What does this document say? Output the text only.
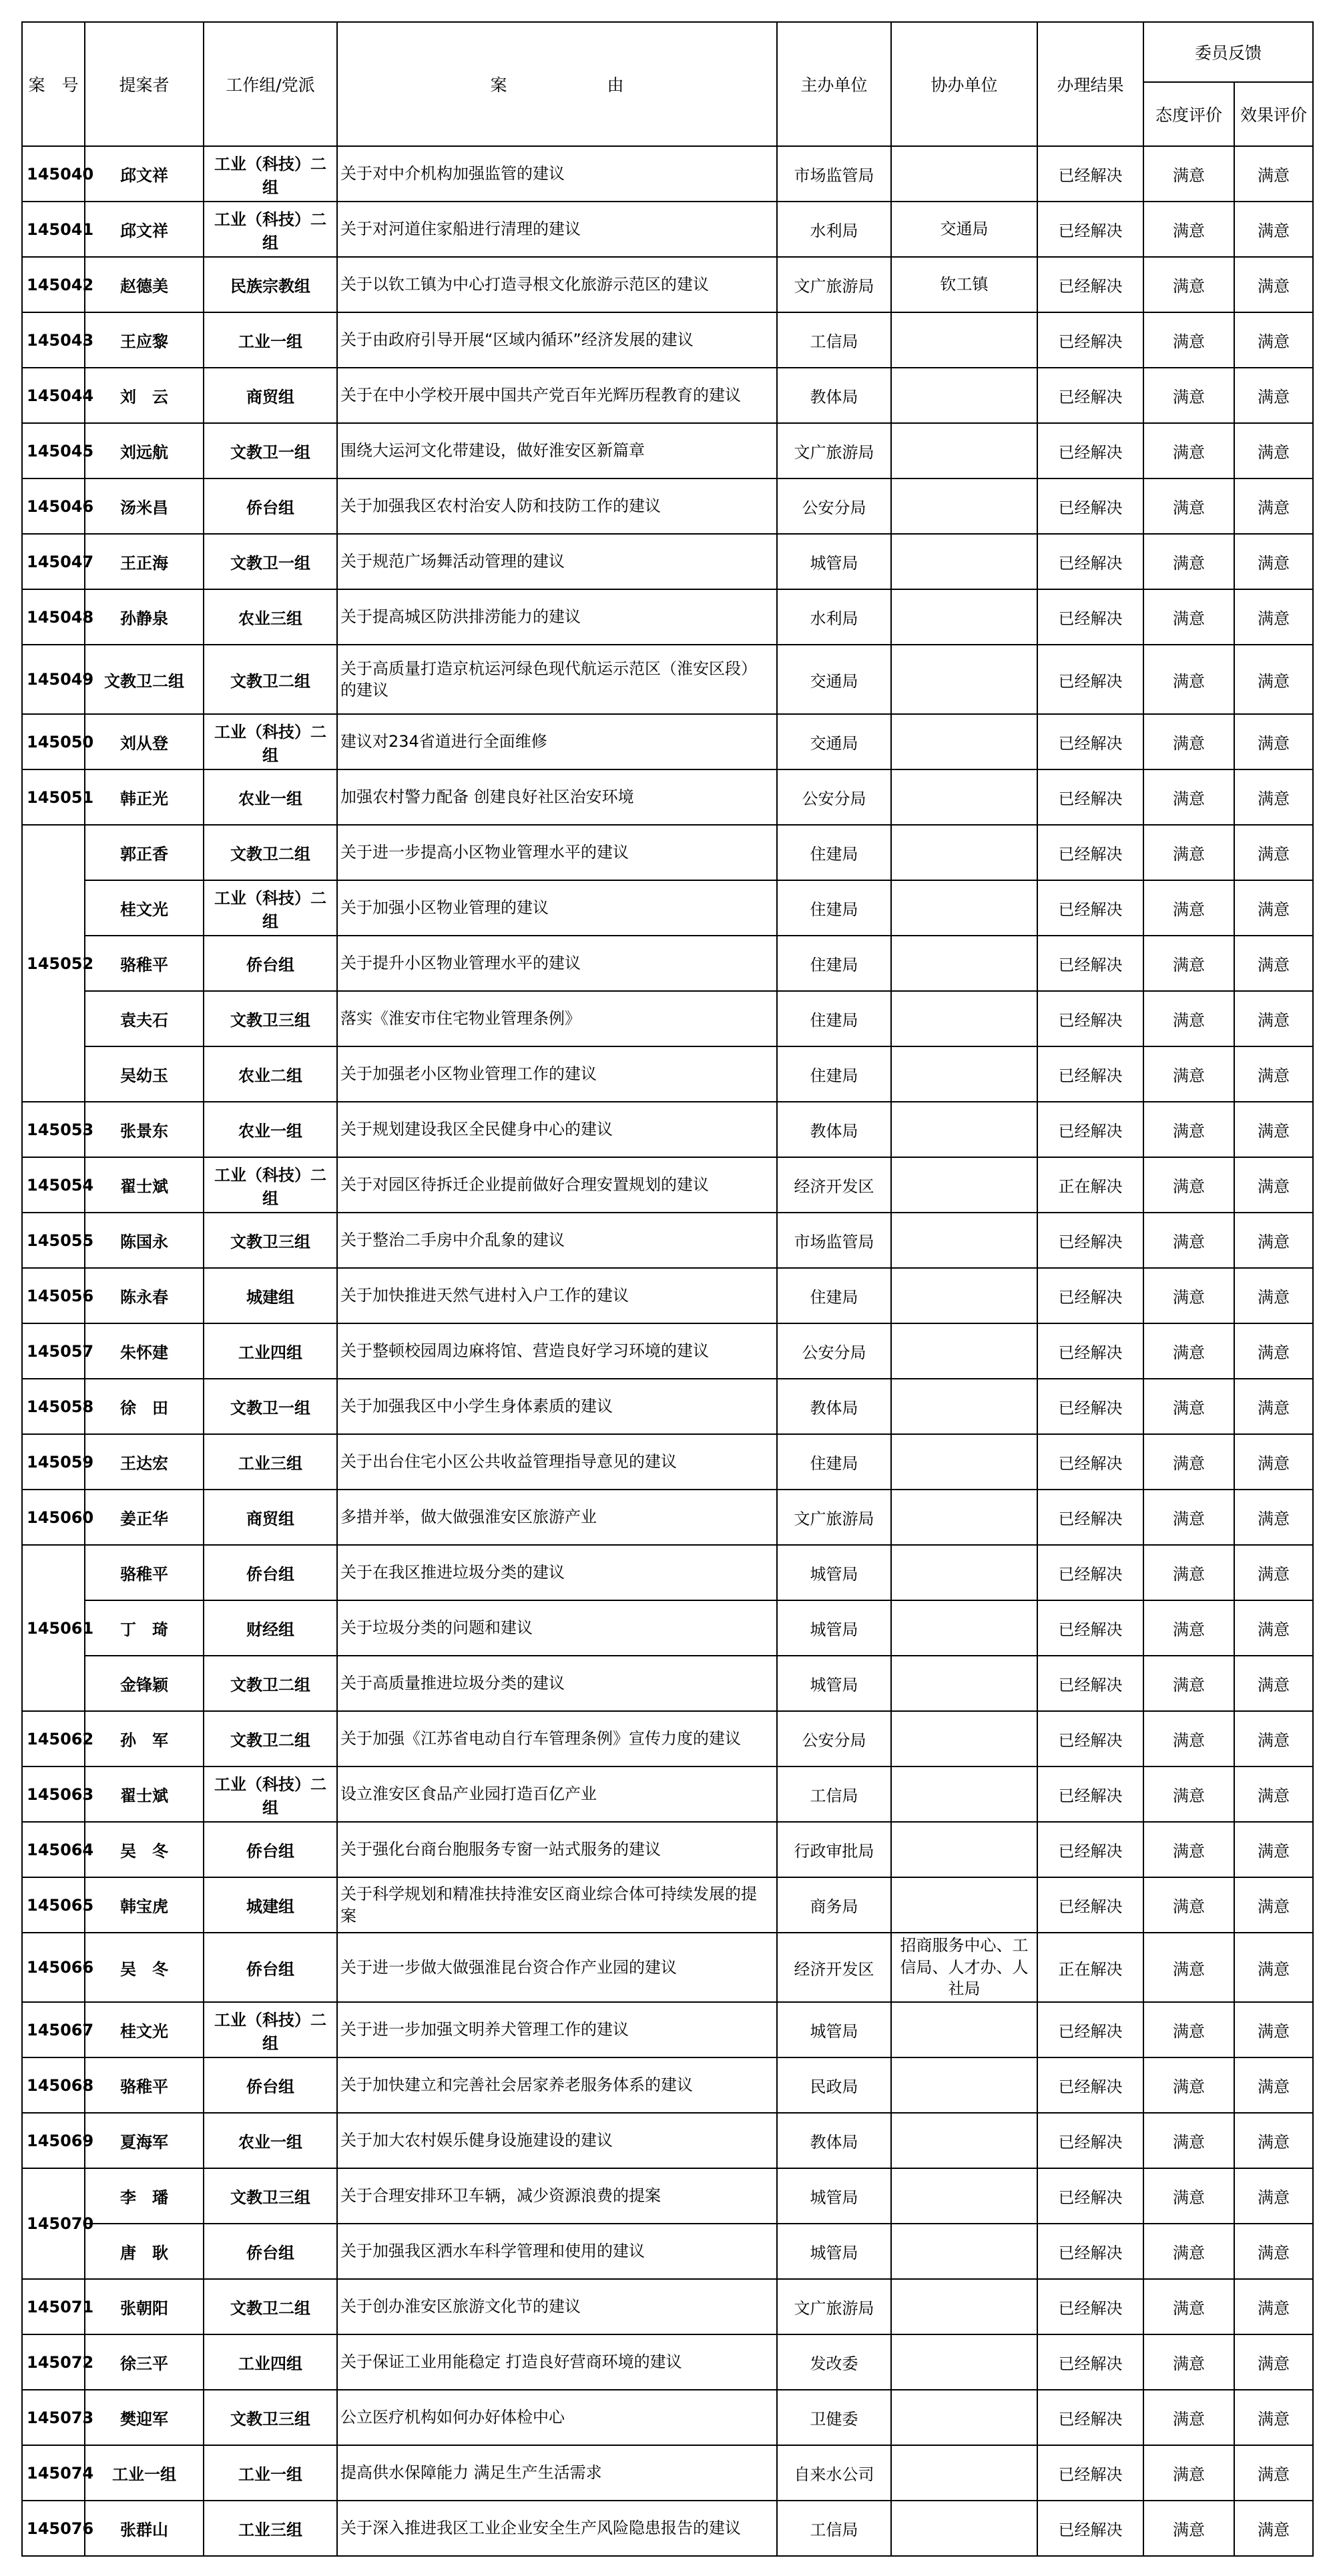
案　号	提案者	工作组/党派	案　　　　　　由	主办单位	协办单位	办理结果	委员反馈	
							态度评价	效果评价
145040	邱文祥	工业（科技）二组	关于对中介机构加强监管的建议	市场监管局		已经解决	满意	满意
145041	邱文祥	工业（科技）二组	关于对河道住家船进行清理的建议	水利局	交通局	已经解决	满意	满意
145042	赵德美	民族宗教组	关于以钦工镇为中心打造寻根文化旅游示范区的建议	文广旅游局	钦工镇	已经解决	满意	满意
145043	王应黎	工业一组	关于由政府引导开展“区域内循环”经济发展的建议	工信局		已经解决	满意	满意
145044	刘　云	商贸组	关于在中小学校开展中国共产党百年光辉历程教育的建议	教体局		已经解决	满意	满意
145045	刘远航	文教卫一组	围绕大运河文化带建设，做好淮安区新篇章	文广旅游局		已经解决	满意	满意
145046	汤米昌	侨台组	关于加强我区农村治安人防和技防工作的建议	公安分局		已经解决	满意	满意
145047	王正海	文教卫一组	关于规范广场舞活动管理的建议	城管局		已经解决	满意	满意
145048	孙静泉	农业三组	关于提高城区防洪排涝能力的建议	水利局		已经解决	满意	满意
145049	文教卫二组	文教卫二组	关于高质量打造京杭运河绿色现代航运示范区（淮安区段）的建议	交通局		已经解决	满意	满意
145050	刘从登	工业（科技）二组	建议对234省道进行全面维修	交通局		已经解决	满意	满意
145051	韩正光	农业一组	加强农村警力配备 创建良好社区治安环境	公安分局		已经解决	满意	满意
145052	郭正香	文教卫二组	关于进一步提高小区物业管理水平的建议	住建局		已经解决	满意	满意
	桂文光	工业（科技）二组	关于加强小区物业管理的建议	住建局		已经解决	满意	满意
	骆稚平	侨台组	关于提升小区物业管理水平的建议	住建局		已经解决	满意	满意
	袁夫石	文教卫三组	落实《淮安市住宅物业管理条例》	住建局		已经解决	满意	满意
	吴幼玉	农业二组	关于加强老小区物业管理工作的建议	住建局		已经解决	满意	满意
145053	张景东	农业一组	关于规划建设我区全民健身中心的建议	教体局		已经解决	满意	满意
145054	翟士斌	工业（科技）二组	关于对园区待拆迁企业提前做好合理安置规划的建议	经济开发区		正在解决	满意	满意
145055	陈国永	文教卫三组	关于整治二手房中介乱象的建议	市场监管局		已经解决	满意	满意
145056	陈永春	城建组	关于加快推进天然气进村入户工作的建议	住建局		已经解决	满意	满意
145057	朱怀建	工业四组	关于整顿校园周边麻将馆、营造良好学习环境的建议	公安分局		已经解决	满意	满意
145058	徐　田	文教卫一组	关于加强我区中小学生身体素质的建议	教体局		已经解决	满意	满意
145059	王达宏	工业三组	关于出台住宅小区公共收益管理指导意见的建议	住建局		已经解决	满意	满意
145060	姜正华	商贸组	多措并举，做大做强淮安区旅游产业	文广旅游局		已经解决	满意	满意
145061	骆稚平	侨台组	关于在我区推进垃圾分类的建议	城管局		已经解决	满意	满意
	丁　琦	财经组	关于垃圾分类的问题和建议	城管局		已经解决	满意	满意
	金锋颖	文教卫二组	关于高质量推进垃圾分类的建议	城管局		已经解决	满意	满意
145062	孙　军	文教卫二组	关于加强《江苏省电动自行车管理条例》宣传力度的建议	公安分局		已经解决	满意	满意
145063	翟士斌	工业（科技）二组	设立淮安区食品产业园打造百亿产业	工信局		已经解决	满意	满意
145064	吴　冬	侨台组	关于强化台商台胞服务专窗一站式服务的建议	行政审批局		已经解决	满意	满意
145065	韩宝虎	城建组	关于科学规划和精准扶持淮安区商业综合体可持续发展的提案	商务局		已经解决	满意	满意
145066	吴　冬	侨台组	关于进一步做大做强淮昆台资合作产业园的建议	经济开发区	招商服务中心、工信局、人才办、人社局	正在解决	满意	满意
145067	桂文光	工业（科技）二组	关于进一步加强文明养犬管理工作的建议	城管局		已经解决	满意	满意
145068	骆稚平	侨台组	关于加快建立和完善社会居家养老服务体系的建议	民政局		已经解决	满意	满意
145069	夏海军	农业一组	关于加大农村娱乐健身设施建设的建议	教体局		已经解决	满意	满意
145070	李　璠	文教卫三组	关于合理安排环卫车辆，减少资源浪费的提案	城管局		已经解决	满意	满意
	唐　耿	侨台组	关于加强我区洒水车科学管理和使用的建议	城管局		已经解决	满意	满意
145071	张朝阳	文教卫二组	关于创办淮安区旅游文化节的建议	文广旅游局		已经解决	满意	满意
145072	徐三平	工业四组	关于保证工业用能稳定 打造良好营商环境的建议	发改委		已经解决	满意	满意
145073	樊迎军	文教卫三组	公立医疗机构如何办好体检中心	卫健委		已经解决	满意	满意
145074	工业一组	工业一组	提高供水保障能力 满足生产生活需求	自来水公司		已经解决	满意	满意
145076	张群山	工业三组	关于深入推进我区工业企业安全生产风险隐患报告的建议	工信局		已经解决	满意	满意
